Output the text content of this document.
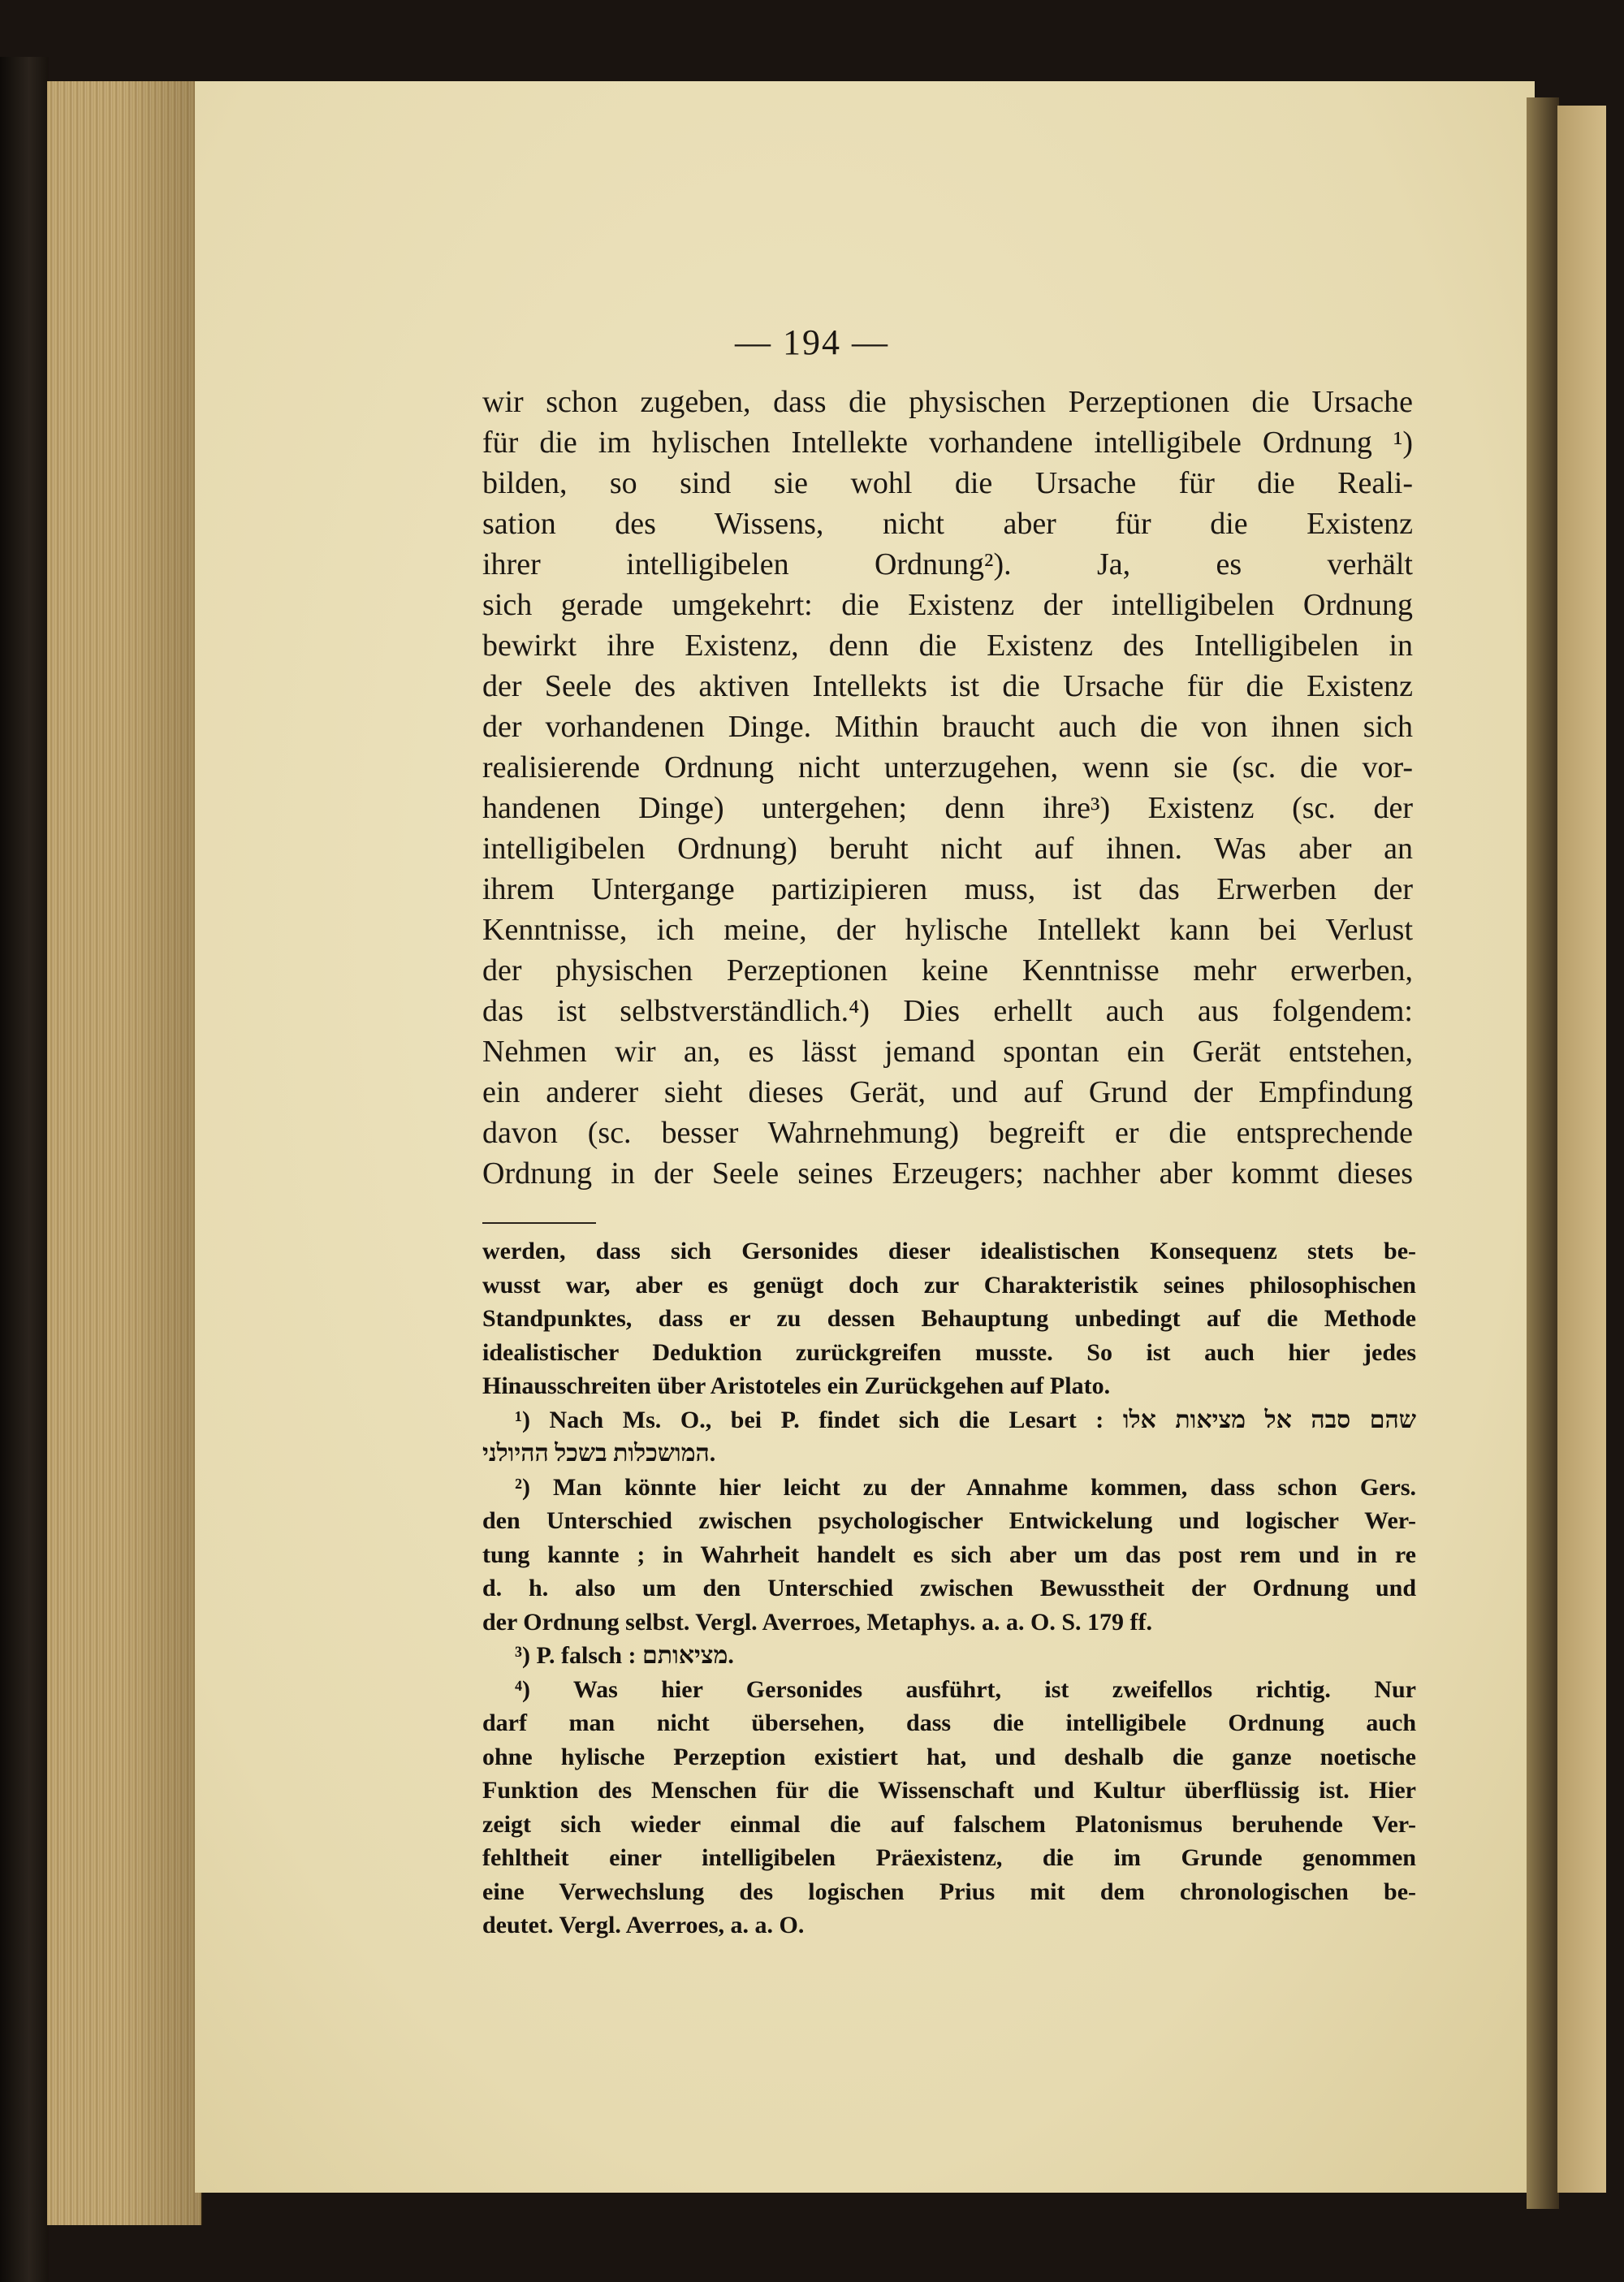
— 194 —
wir schon zugeben, dass die physischen Perzeptionen die Ursache
für die im hylischen Intellekte vorhandene intelligibele Ordnung ¹)
bilden, so sind sie wohl die Ursache für die Reali-
sation des Wissens, nicht aber für die Existenz
ihrer intelligibelen Ordnung²). Ja, es verhält
sich gerade umgekehrt: die Existenz der intelligibelen Ordnung
bewirkt ihre Existenz, denn die Existenz des Intelligibelen in
der Seele des aktiven Intellekts ist die Ursache für die Existenz
der vorhandenen Dinge. Mithin braucht auch die von ihnen sich
realisierende Ordnung nicht unterzugehen, wenn sie (sc. die vor-
handenen Dinge) untergehen; denn ihre³) Existenz (sc. der
intelligibelen Ordnung) beruht nicht auf ihnen. Was aber an
ihrem Untergange partizipieren muss, ist das Erwerben der
Kenntnisse, ich meine, der hylische Intellekt kann bei Verlust
der physischen Perzeptionen keine Kenntnisse mehr erwerben,
das ist selbstverständlich.⁴) Dies erhellt auch aus folgendem:
Nehmen wir an, es lässt jemand spontan ein Gerät entstehen,
ein anderer sieht dieses Gerät, und auf Grund der Empfindung
davon (sc. besser Wahrnehmung) begreift er die entsprechende
Ordnung in der Seele seines Erzeugers; nachher aber kommt dieses
werden, dass sich Gersonides dieser idealistischen Konsequenz stets be-
wusst war, aber es genügt doch zur Charakteristik seines philosophischen
Standpunktes, dass er zu dessen Behauptung unbedingt auf die Methode
idealistischer Deduktion zurückgreifen musste. So ist auch hier jedes
Hinausschreiten über Aristoteles ein Zurückgehen auf Plato.
¹) Nach Ms. O., bei P. findet sich die Lesart : שהם סבה אל מציאות אלו
המושכלות בשכל ההיולני.
²) Man könnte hier leicht zu der Annahme kommen, dass schon Gers.
den Unterschied zwischen psychologischer Entwickelung und logischer Wer-
tung kannte ; in Wahrheit handelt es sich aber um das post rem und in re
d. h. also um den Unterschied zwischen Bewusstheit der Ordnung und
der Ordnung selbst. Vergl. Averroes, Metaphys. a. a. O. S. 179 ff.
³) P. falsch : מציאותם.
⁴) Was hier Gersonides ausführt, ist zweifellos richtig. Nur
darf man nicht übersehen, dass die intelligibele Ordnung auch
ohne hylische Perzeption existiert hat, und deshalb die ganze noetische
Funktion des Menschen für die Wissenschaft und Kultur überflüssig ist. Hier
zeigt sich wieder einmal die auf falschem Platonismus beruhende Ver-
fehltheit einer intelligibelen Präexistenz, die im Grunde genommen
eine Verwechslung des logischen Prius mit dem chronologischen be-
deutet. Vergl. Averroes, a. a. O.
